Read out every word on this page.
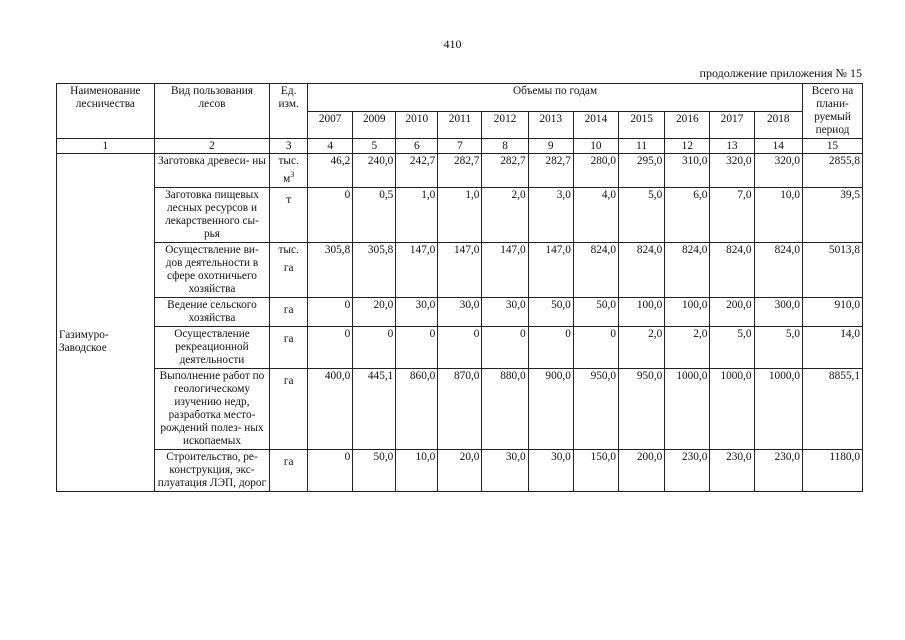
410
продолжение приложения № 15
Наименование лесничества	Вид пользования лесов	Ед. изм.	Объемы по годам											Всего на плани- руемый период
			2007	2009	2010	2011	2012	2013	2014	2015	2016	2017	2018	
1	2	3	4	5	6	7	8	9	10	11	12	13	14	15
Газимуро- Заводское	Заготовка древеси- ны	тыс. $м^3$	46,2	240,0	242,7	282,7	282,7	282,7	280,0	295,0	310,0	320,0	320,0	2855,8
	Заготовка пищевых лесных ресурсов и лекарственного сы- рья	т	0	0,5	1,0	1,0	2,0	3,0	4,0	5,0	6,0	7,0	10,0	39,5
	Осуществление ви- дов деятельности в сфере охотничьего хозяйства	тыс. га	305,8	305,8	147,0	147,0	147,0	147,0	824,0	824,0	824,0	824,0	824,0	5013,8
	Ведение сельского хозяйства	га	0	20,0	30,0	30,0	30,0	50,0	50,0	100,0	100,0	200,0	300,0	910,0
	Осуществление рекреационной деятельности	га	0	0	0	0	0	0	0	2,0	2,0	5,0	5,0	14,0
	Выполнение работ по геологическому изучению недр, разработка место- рождений полез- ных ископаемых	га	400,0	445,1	860,0	870,0	880,0	900,0	950,0	950,0	1000,0	1000,0	1000,0	8855,1
	Строительство, ре- конструкция, экс- плуатация ЛЭП, дорог	га	0	50,0	10,0	20,0	30,0	30,0	150,0	200,0	230,0	230,0	230,0	1180,0
